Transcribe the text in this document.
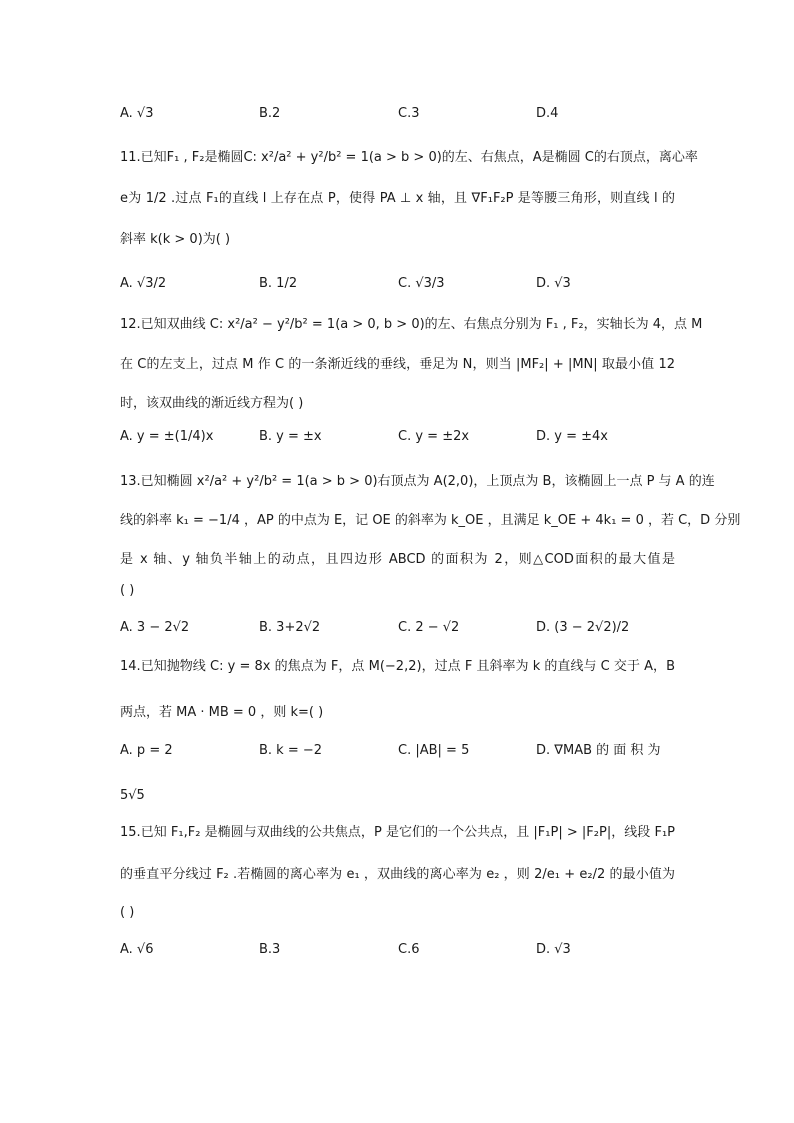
A. √3	B.2	C.3	D.4
11.已知F₁ , F₂是椭圆C: x²/a² + y²/b² = 1(a > b > 0)的左、右焦点，A是椭圆 C的右顶点，离心率
e为 1/2 .过点 F₁的直线 l 上存在点 P，使得 PA ⊥ x 轴，且 ∇F₁F₂P 是等腰三角形，则直线 l 的
斜率 k(k > 0)为( )
A. √3/2	B. 1/2	C. √3/3	D. √3
12.已知双曲线 C: x²/a² − y²/b² = 1(a > 0, b > 0)的左、右焦点分别为 F₁ , F₂，实轴长为 4，点 M
在 C的左支上，过点 M 作 C 的一条渐近线的垂线，垂足为 N，则当 |MF₂| + |MN| 取最小值 12
时，该双曲线的渐近线方程为( )
A. y = ±(1/4)x	B. y = ±x	C. y = ±2x	D. y = ±4x
13.已知椭圆 x²/a² + y²/b² = 1(a > b > 0)右顶点为 A(2,0)，上顶点为 B，该椭圆上一点 P 与 A 的连
线的斜率 k₁ = −1/4 ，AP 的中点为 E，记 OE 的斜率为 k_OE ，且满足 k_OE + 4k₁ = 0 ，若 C，D 分别
是 x 轴、y 轴负半轴上的动点，且四边形 ABCD 的面积为 2，则△COD面积的最大值是
( )
A. 3 − 2√2	B. 3+2√2	C. 2 − √2	D. (3 − 2√2)/2
14.已知抛物线 C: y = 8x 的焦点为 F，点 M(−2,2)，过点 F 且斜率为 k 的直线与 C 交于 A，B
两点，若 MA · MB = 0 ，则 k=( )
A. p = 2	B. k = −2	C. |AB| = 5	D. ∇MAB 的 面 积 为
5√5
15.已知 F₁,F₂ 是椭圆与双曲线的公共焦点，P 是它们的一个公共点，且 |F₁P| > |F₂P|，线段 F₁P
的垂直平分线过 F₂ .若椭圆的离心率为 e₁ ，双曲线的离心率为 e₂ ，则 2/e₁ + e₂/2 的最小值为
( )
A. √6	B.3	C.6	D. √3
